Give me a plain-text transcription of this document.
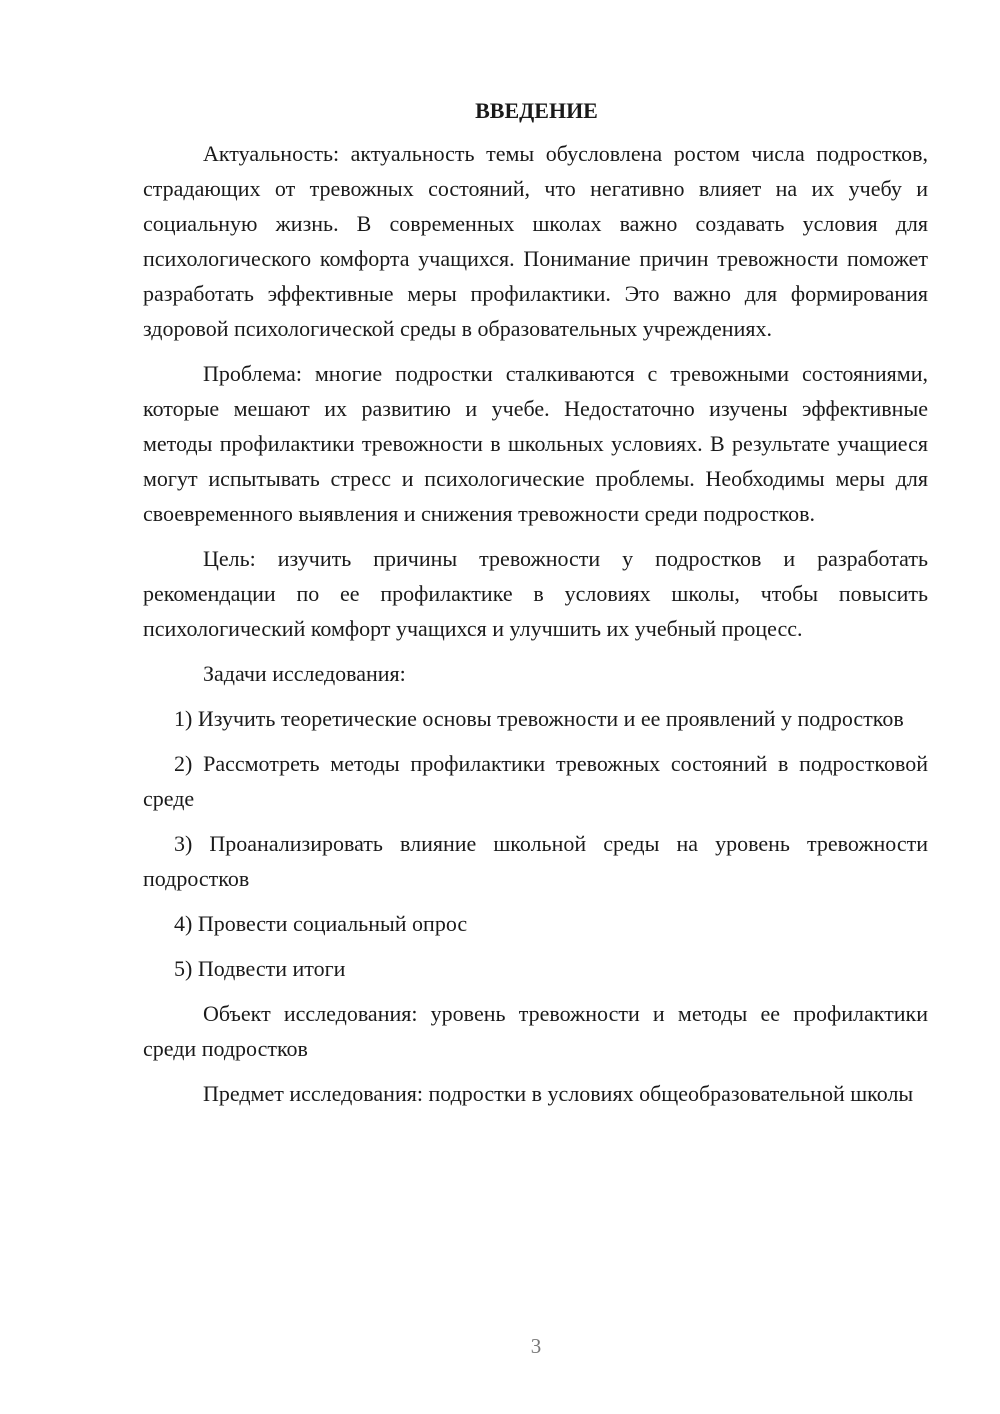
ВВЕДЕНИЕ

Актуальность: актуальность темы обусловлена ростом числа подростков, страдающих от тревожных состояний, что негативно влияет на их учебу и социальную жизнь. В современных школах важно создавать условия для психологического комфорта учащихся. Понимание причин тревожности поможет разработать эффективные меры профилактики. Это важно для формирования здоровой психологической среды в образовательных учреждениях.

Проблема: многие подростки сталкиваются с тревожными состояниями, которые мешают их развитию и учебе. Недостаточно изучены эффективные методы профилактики тревожности в школьных условиях. В результате учащиеся могут испытывать стресс и психологические проблемы. Необходимы меры для своевременного выявления и снижения тревожности среди подростков.

Цель: изучить причины тревожности у подростков и разработать рекомендации по ее профилактике в условиях школы, чтобы повысить психологический комфорт учащихся и улучшить их учебный процесс.

Задачи исследования:

1) Изучить теоретические основы тревожности и ее проявлений у подростков

2) Рассмотреть методы профилактики тревожных состояний в подростковой среде

3) Проанализировать влияние школьной среды на уровень тревожности подростков

4) Провести социальный опрос

5) Подвести итоги

Объект исследования: уровень тревожности и методы ее профилактики среди подростков

Предмет исследования: подростки в условиях общеобразовательной школы

3
